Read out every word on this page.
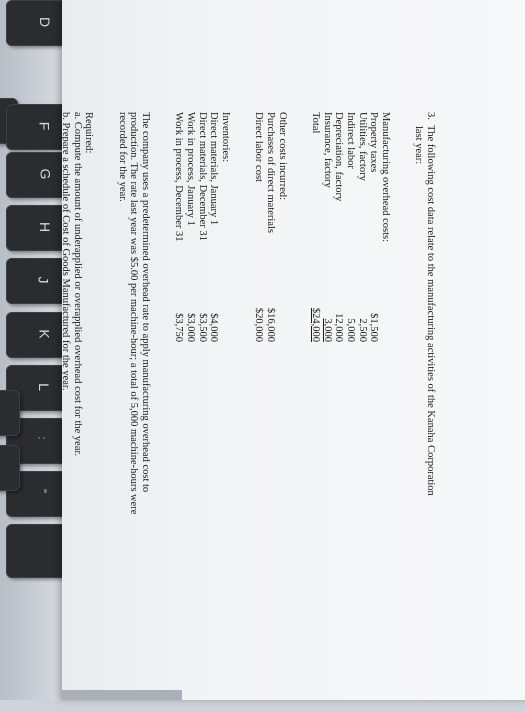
D
F
G
H
J
K
L
:
"

3.  The following cost data relate to the manufacturing activities of the Kanaha Corporation

last year:

Manufacturing overhead costs:

Property taxes
$1,500
Utilities, factory
2,500
Indirect labor
5,000
Depreciation, factory
12,000
Insurance, factory
3,000
Total
$24,000

Other costs incurred:

Purchases of direct materials
$16,000
Direct labor cost
$20,000

Inventories:

Direct materials, January 1
$4,000
Direct materials, December 31
$3,500
Work in process, January 1
$3,000
Work in process, December 31
$3,750

The company uses a predetermined overhead rate to apply manufacturing overhead cost to

production. The rate last year was $5.00 per machine-hour; a total of 5,000 machine-hours were

recorded for the year.

Required:

a. Compute the amount of underapplied or overapplied overhead cost for the year.

b. Prepare a schedule of Cost of Goods Manufactured for the year.
